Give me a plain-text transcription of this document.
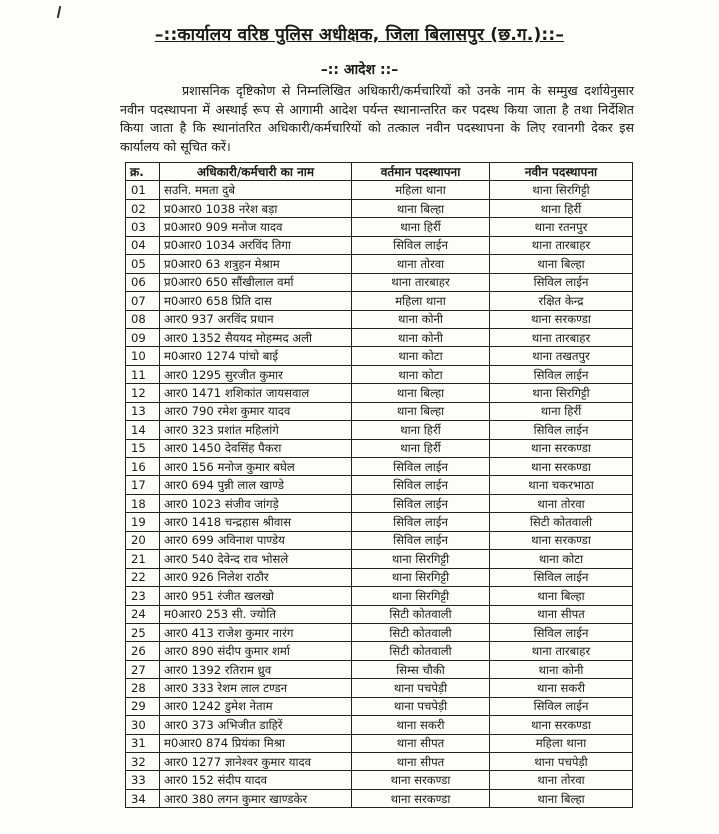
–::कार्यालय वरिष्ठ पुलिस अधीक्षक, जिला बिलासपुर (छ.ग.)::–
–:: आदेश ::–
प्रशासनिक दृष्टिकोण से निम्नलिखित अधिकारी/कर्मचारियों को उनके नाम के सम्मुख दर्शायेनुसार नवीन पदस्थापना में अस्थाई रूप से आगामी आदेश पर्यन्त स्थानान्तरित कर पदस्थ किया जाता है तथा निर्देशित किया जाता है कि स्थानांतरित अधिकारी/कर्मचारियों को तत्काल नवीन पदस्थापना के लिए रवानगी देकर इस कार्यालय को सूचित करें।
क्र.	अधिकारी/कर्मचारी का नाम	वर्तमान पदस्थापना	नवीन पदस्थापना
01	सउनि. ममता दुबे	महिला थाना	थाना सिरगिट्टी
02	प्र0आर0 1038 नरेश बड़ा	थाना बिल्हा	थाना हिर्री
03	प्र0आर0 909 मनोज यादव	थाना हिर्री	थाना रतनपुर
04	प्र0आर0 1034 अरविंद तिगा	सिविल लाईन	थाना तारबाहर
05	प्र0आर0 63 शत्रुहन मेश्राम	थाना तोरवा	थाना बिल्हा
06	प्र0आर0 650 सौंखीलाल वर्मा	थाना तारबाहर	सिविल लाईन
07	म0आर0 658 प्रिति दास	महिला थाना	रक्षित केन्द्र
08	आर0 937 अरविंद प्रधान	थाना कोनी	थाना सरकण्डा
09	आर0 1352 सैययद मोहम्मद अली	थाना कोनी	थाना तारबाहर
10	म0आर0 1274 पांचो बाई	थाना कोटा	थाना तखतपुर
11	आर0 1295 सुरजीत कुमार	थाना कोटा	सिविल लाईन
12	आर0 1471 शशिकांत जायसवाल	थाना बिल्हा	थाना सिरगिट्टी
13	आर0 790 रमेश कुमार यादव	थाना बिल्हा	थाना हिर्री
14	आर0 323 प्रशांत महिलांगे	थाना हिर्री	सिविल लाईन
15	आर0 1450 देवसिंह पैकरा	थाना हिर्री	थाना सरकण्डा
16	आर0 156 मनोज कुमार बघेल	सिविल लाईन	थाना सरकण्डा
17	आर0 694 पुन्नी लाल खाण्डे	सिविल लाईन	थाना चकरभाठा
18	आर0 1023 संजीव जांगड़े	सिविल लाईन	थाना तोरवा
19	आर0 1418 चन्द्रहास श्रीवास	सिविल लाईन	सिटी कोतवाली
20	आर0 699 अविनाश पाण्डेय	सिविल लाईन	थाना सरकण्डा
21	आर0 540 देवेन्द राव भोसले	थाना सिरगिट्टी	थाना कोटा
22	आर0 926 निलेश राठौर	थाना सिरगिट्टी	सिविल लाईन
23	आर0 951 रंजीत खलखो	थाना सिरगिट्टी	थाना बिल्हा
24	म0आर0 253 सी. ज्योति	सिटी कोतवाली	थाना सीपत
25	आर0 413 राजेश कुमार नारंग	सिटी कोतवाली	सिविल लाईन
26	आर0 890 संदीप कुमार शर्मा	सिटी कोतवाली	थाना तारबाहर
27	आर0 1392 रतिराम ध्रुव	सिम्स चौकी	थाना कोनी
28	आर0 333 रेशम लाल टण्डन	थाना पचपेड़ी	थाना सकरी
29	आर0 1242 डुमेश नेताम	थाना पचपेड़ी	सिविल लाईन
30	आर0 373 अभिजीत डाहिरें	थाना सकरी	थाना सरकण्डा
31	म0आर0 874 प्रियंका मिश्रा	थाना सीपत	महिला थाना
32	आर0 1277 ज्ञानेश्वर कुमार यादव	थाना सीपत	थाना पचपेड़ी
33	आर0 152 संदीप यादव	थाना सरकण्डा	थाना तोरवा
34	आर0 380 लगन कुमार खाण्डकेर	थाना सरकण्डा	थाना बिल्हा
